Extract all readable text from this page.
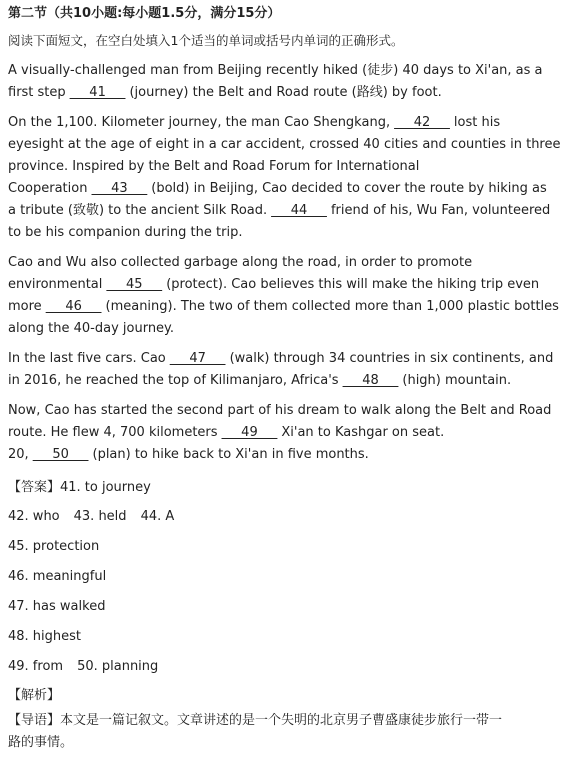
第二节（共10小题:每小题1.5分，满分15分）
阅读下面短文，在空白处填入1个适当的单词或括号内单词的正确形式。
A visually-challenged man from Beijing recently hiked (徒步) 40 days to Xi'an, as a
first step ___41___ (journey) the Belt and Road route (路线) by foot.
On the 1,100. Kilometer journey, the man Cao Shengkang, ___42___ lost his
eyesight at the age of eight in a car accident, crossed 40 cities and counties in three
province. Inspired by the Belt and Road Forum for International
Cooperation ___43___ (bold) in Beijing, Cao decided to cover the route by hiking as
a tribute (致敬) to the ancient Silk Road. ___44___ friend of his, Wu Fan, volunteered
to be his companion during the trip.
Cao and Wu also collected garbage along the road, in order to promote
environmental ___45___ (protect). Cao believes this will make the hiking trip even
more ___46___ (meaning). The two of them collected more than 1,000 plastic bottles
along the 40-day journey.
In the last five cars. Cao ___47___ (walk) through 34 countries in six continents, and
in 2016, he reached the top of Kilimanjaro, Africa's ___48___ (high) mountain.
Now, Cao has started the second part of his dream to walk along the Belt and Road
route. He flew 4, 700 kilometers ___49___ Xi'an to Kashgar on seat.
20, ___50___ (plan) to hike back to Xi'an in five months.
【答案】41. to journey
42. who 43. held 44. A
45. protection
46. meaningful
47. has walked
48. highest
49. from 50. planning
【解析】
【导语】本文是一篇记叙文。文章讲述的是一个失明的北京男子曹盛康徒步旅行一带一
路的事情。
